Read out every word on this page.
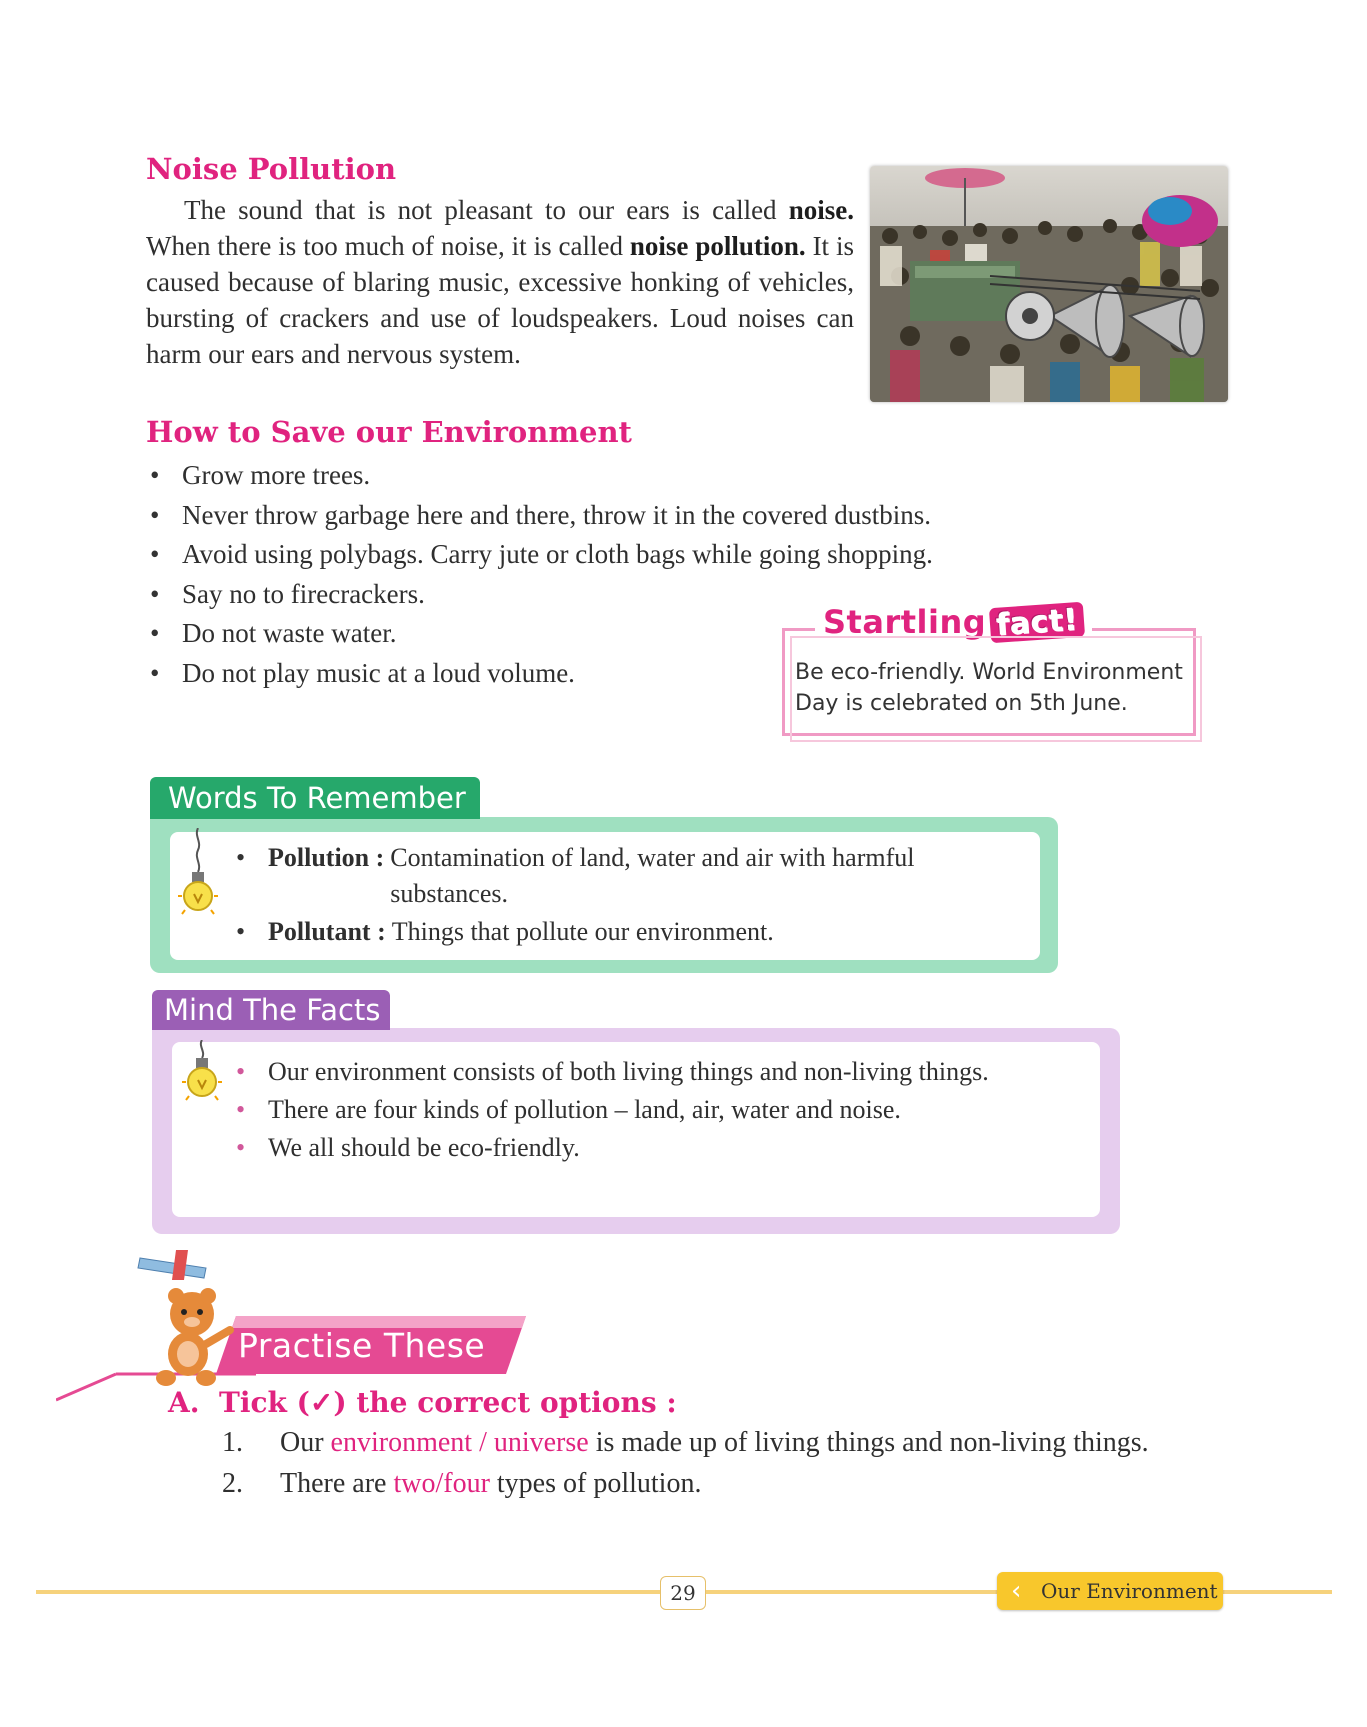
Noise Pollution
The sound that is not pleasant to our ears is called noise. When there is too much of noise, it is called noise pollution. It is caused because of blaring music, excessive honking of vehicles, bursting of crackers and use of loudspeakers. Loud noises can harm our ears and nervous system.
How to Save our Environment
• Grow more trees.
• Never throw garbage here and there, throw it in the covered dustbins.
• Avoid using polybags. Carry jute or cloth bags while going shopping.
• Say no to firecrackers.
• Do not waste water.
• Do not play music at a loud volume.
Startling fact!
Be eco-friendly. World Environment Day is celebrated on 5th June.
Words To Remember
• Pollution : Contamination of land, water and air with harmful substances.
• Pollutant : Things that pollute our environment.
Mind The Facts
• Our environment consists of both living things and non-living things.
• There are four kinds of pollution – land, air, water and noise.
• We all should be eco-friendly.
Practise These
A. Tick (✓) the correct options :
1.	Our environment / universe is made up of living things and non-living things.
2.	There are two/four types of pollution.
29	‹ Our Environment
